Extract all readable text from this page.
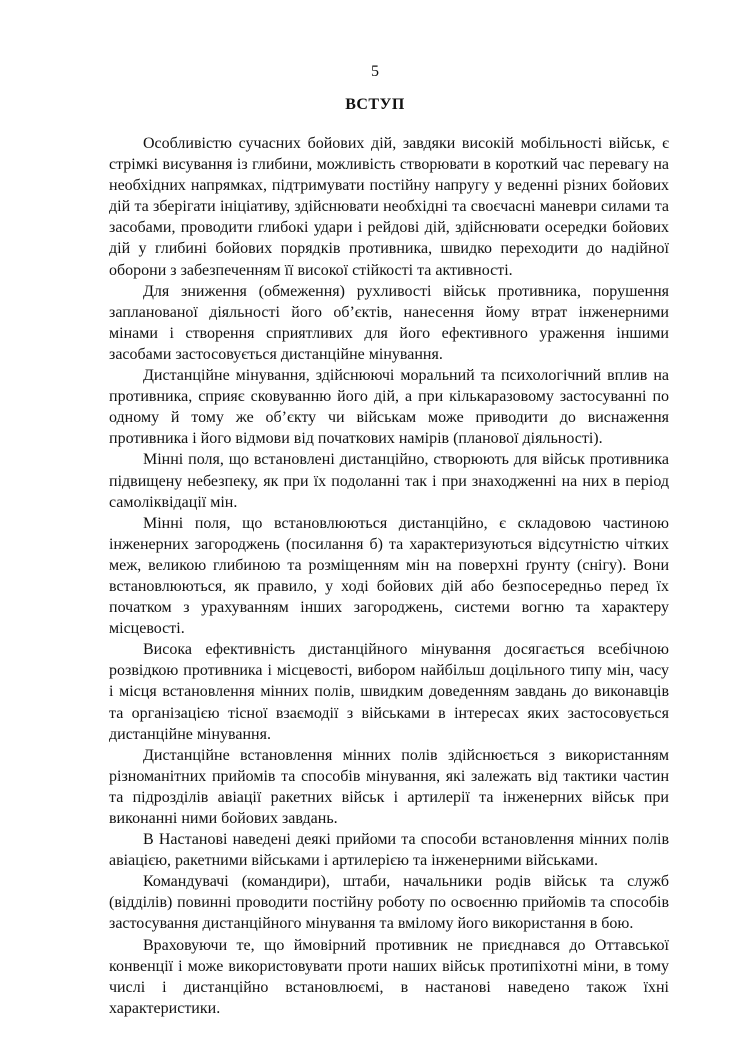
5
ВСТУП

Особливістю сучасних бойових дій, завдяки високій мобільності військ, є стрімкі висування із глибини, можливість створювати в короткий час перевагу на необхідних напрямках, підтримувати постійну напругу у веденні різних бойових дій та зберігати ініціативу, здійснювати необхідні та своєчасні маневри силами та засобами, проводити глибокі удари і рейдові дій, здійснювати осередки бойових дій у глибині бойових порядків противника, швидко переходити до надійної оборони з забезпеченням її високої стійкості та активності.

Для зниження (обмеження) рухливості військ противника, порушення запланованої діяльності його об’єктів, нанесення йому втрат інженерними мінами і створення сприятливих для його ефективного ураження іншими засобами застосовується дистанційне мінування.

Дистанційне мінування, здійснюючі моральний та психологічний вплив на противника, сприяє сковуванню його дій, а при кількаразовому застосуванні по одному й тому же об’єкту чи військам може приводити до виснаження противника і його відмови від початкових намірів (планової діяльності).

Мінні поля, що встановлені дистанційно, створюють для військ противника підвищену небезпеку, як при їх подоланні так і при знаходженні на них в період самоліквідації мін.

Мінні поля, що встановлюються дистанційно, є складовою частиною інженерних загороджень (посилання б) та характеризуються відсутністю чітких меж, великою глибиною та розміщенням мін на поверхні ґрунту (снігу). Вони встановлюються, як правило, у ході бойових дій або безпосередньо перед їх початком з урахуванням інших загороджень, системи вогню та характеру місцевості.

Висока ефективність дистанційного мінування досягається всебічною розвідкою противника і місцевості, вибором найбільш доцільного типу мін, часу і місця встановлення мінних полів, швидким доведенням завдань до виконавців та організацією тісної взаємодії з військами в інтересах яких застосовується дистанційне мінування.

Дистанційне встановлення мінних полів здійснюється з використанням різноманітних прийомів та способів мінування, які залежать від тактики частин та підрозділів авіації ракетних військ і артилерії та інженерних військ при виконанні ними бойових завдань.

В Настанові наведені деякі прийоми та способи встановлення мінних полів авіацією, ракетними військами і артилерією та інженерними військами.

Командувачі (командири), штаби, начальники родів військ та служб (відділів) повинні проводити постійну роботу по освоєнню прийомів та способів застосування дистанційного мінування та вмілому його використання в бою.

Враховуючи те, що ймовірний противник не приєднався до Оттавської конвенції і може використовувати проти наших військ протипіхотні міни, в тому числі і дистанційно встановлюємі, в настанові наведено також їхні характеристики.
